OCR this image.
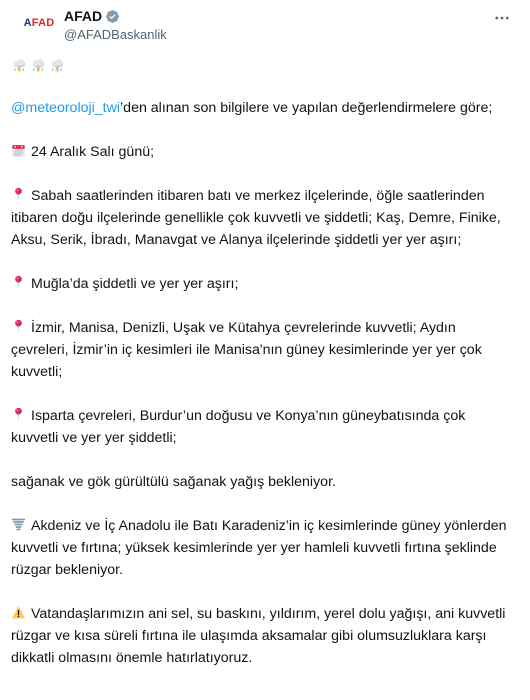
AFAD AFAD
@AFADBaskanlik

@meteoroloji_twi’den alınan son bilgilere ve yapılan değerlendirmelere göre;

24 Aralık Salı günü;

Sabah saatlerinden itibaren batı ve merkez ilçelerinde, öğle saatlerinden itibaren doğu ilçelerinde genellikle çok kuvvetli ve şiddetli; Kaş, Demre, Finike, Aksu, Serik, İbradı, Manavgat ve Alanya ilçelerinde şiddetli yer yer aşırı;

Muğla’da şiddetli ve yer yer aşırı;

İzmir, Manisa, Denizli, Uşak ve Kütahya çevrelerinde kuvvetli; Aydın çevreleri, İzmir’in iç kesimleri ile Manisa'nın güney kesimlerinde yer yer çok kuvvetli;

Isparta çevreleri, Burdur’un doğusu ve Konya’nın güneybatısında çok kuvvetli ve yer yer şiddetli;

sağanak ve gök gürültülü sağanak yağış bekleniyor.

Akdeniz ve İç Anadolu ile Batı Karadeniz’in iç kesimlerinde güney yönlerden kuvvetli ve fırtına; yüksek kesimlerinde yer yer hamleli kuvvetli fırtına şeklinde rüzgar bekleniyor.

Vatandaşlarımızın ani sel, su baskını, yıldırım, yerel dolu yağışı, ani kuvvetli rüzgar ve kısa süreli fırtına ile ulaşımda aksamalar gibi olumsuzluklara karşı dikkatli olmasını önemle hatırlatıyoruz.
